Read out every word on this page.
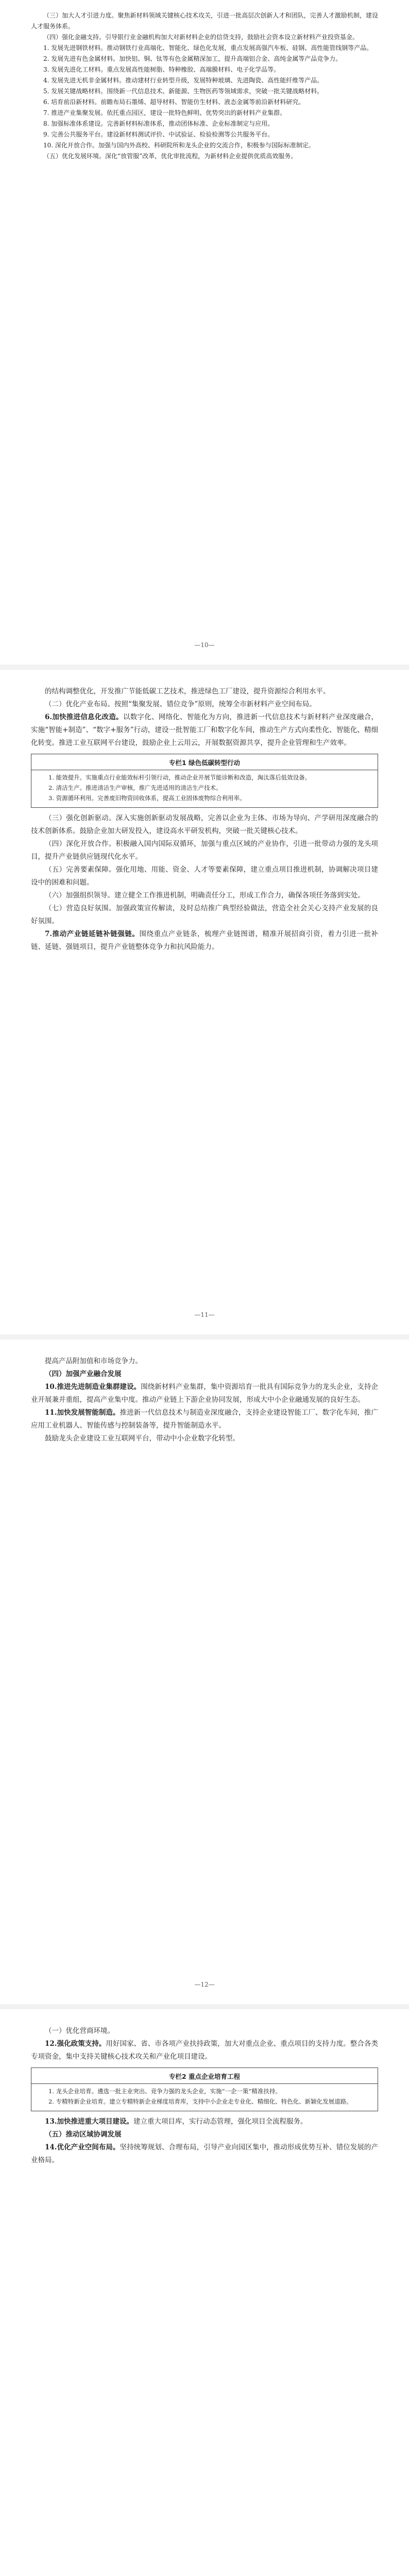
（三）加大人才引进力度。聚焦新材料领域关键核心技术攻关，引进一批高层次创新人才和团队，完善人才激励机制，建设人才服务体系。

（四）强化金融支持。引导银行业金融机构加大对新材料企业的信贷支持，鼓励社会资本设立新材料产业投资基金。

1. 发展先进钢铁材料。推动钢铁行业高端化、智能化、绿色化发展，重点发展高强汽车板、硅钢、高性能管线钢等产品。

2. 发展先进有色金属材料。加快铝、铜、钛等有色金属精深加工，提升高端铝合金、高纯金属等产品竞争力。

3. 发展先进化工材料。重点发展高性能树脂、特种橡胶、高端膜材料、电子化学品等。

4. 发展先进无机非金属材料。推动建材行业转型升级，发展特种玻璃、先进陶瓷、高性能纤维等产品。

5. 发展关键战略材料。围绕新一代信息技术、新能源、生物医药等领域需求，突破一批关键战略材料。

6. 培育前沿新材料。前瞻布局石墨烯、超导材料、智能仿生材料、液态金属等前沿新材料研究。

7. 推进产业集聚发展。依托重点园区，建设一批特色鲜明、优势突出的新材料产业集群。

8. 加强标准体系建设。完善新材料标准体系，推动团体标准、企业标准制定与应用。

9. 完善公共服务平台。建设新材料测试评价、中试验证、检验检测等公共服务平台。

10. 深化开放合作。加强与国内外高校、科研院所和龙头企业的交流合作，积极参与国际标准制定。

（五）优化发展环境。深化“放管服”改革，优化审批流程，为新材料企业提供优质高效服务。

—10—

的结构调整优化，开发推广节能低碳工艺技术，推进绿色工厂建设，提升资源综合利用水平。

（二）优化产业布局。按照“集聚发展、错位竞争”原则，统筹全市新材料产业空间布局。

6.加快推进信息化改造。以数字化、网络化、智能化为方向，推进新一代信息技术与新材料产业深度融合，实施“智能+制造”、“数字+服务”行动，建设一批智能工厂和数字化车间，推动生产方式向柔性化、智能化、精细化转变。推进工业互联网平台建设，鼓励企业上云用云，开展数据资源共享，提升企业管理和生产效率。

专栏1 绿色低碳转型行动

1. 能效提升。实施重点行业能效标杆引领行动，推动企业开展节能诊断和改造，淘汰落后低效设备。

2. 清洁生产。推进清洁生产审核，推广先进适用的清洁生产技术。

3. 资源循环利用。完善废旧物资回收体系，提高工业固体废物综合利用率。

（三）强化创新驱动。深入实施创新驱动发展战略，完善以企业为主体、市场为导向、产学研用深度融合的技术创新体系。鼓励企业加大研发投入，建设高水平研发机构，突破一批关键核心技术。

（四）深化开放合作。积极融入国内国际双循环，加强与重点区域的产业协作，引进一批带动力强的龙头项目，提升产业链供应链现代化水平。

（五）完善要素保障。强化用地、用能、资金、人才等要素保障，建立重点项目推进机制，协调解决项目建设中的困难和问题。

（六）加强组织领导。建立健全工作推进机制，明确责任分工，形成工作合力，确保各项任务落到实处。

（七）营造良好氛围。加强政策宣传解读，及时总结推广典型经验做法，营造全社会关心支持产业发展的良好氛围。

7.推动产业链延链补链强链。围绕重点产业链条，梳理产业链图谱，精准开展招商引资，着力引进一批补链、延链、强链项目，提升产业链整体竞争力和抗风险能力。

—11—

提高产品附加值和市场竞争力。

（四）加强产业融合发展

10.推进先进制造业集群建设。围绕新材料产业集群，集中资源培育一批具有国际竞争力的龙头企业，支持企业开展兼并重组，提高产业集中度。推动产业链上下游企业协同发展，形成大中小企业融通发展的良好生态。

11.加快发展智能制造。推进新一代信息技术与制造业深度融合，支持企业建设智能工厂、数字化车间，推广应用工业机器人、智能传感与控制装备等，提升智能制造水平。

鼓励龙头企业建设工业互联网平台，带动中小企业数字化转型。

—12—

（一）优化营商环境。

12.强化政策支持。用好国家、省、市各项产业扶持政策，加大对重点企业、重点项目的支持力度。整合各类专项资金，集中支持关键核心技术攻关和产业化项目建设。

专栏2 重点企业培育工程

1. 龙头企业培育。遴选一批主业突出、竞争力强的龙头企业，实施“一企一策”精准扶持。

2. 专精特新企业培育。建立专精特新企业梯度培育库，支持中小企业走专业化、精细化、特色化、新颖化发展道路。

13.加快推进重大项目建设。建立重大项目库，实行动态管理，强化项目全流程服务。

（五）推动区域协调发展

14.优化产业空间布局。坚持统筹规划、合理布局，引导产业向园区集中，推动形成优势互补、错位发展的产业格局。
